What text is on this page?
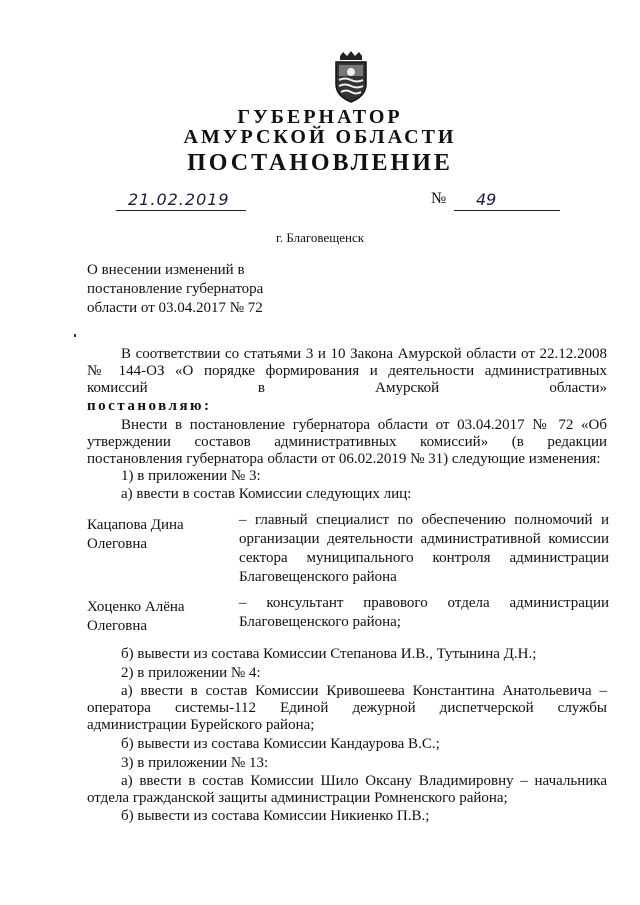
ГУБЕРНАТОР
АМУРСКОЙ ОБЛАСТИ
ПОСТАНОВЛЕНИЕ
21.02.2019	№ 49
г. Благовещенск
О внесении изменений в постановление губернатора области от 03.04.2017 № 72
В соответствии со статьями 3 и 10 Закона Амурской области от 22.12.2008 № 144-ОЗ «О порядке формирования и деятельности административных комиссий в Амурской области»
постановляю:
Внести в постановление губернатора области от 03.04.2017 № 72 «Об утверждении составов административных комиссий» (в редакции постановления губернатора области от 06.02.2019 № 31) следующие изменения:
1) в приложении № 3:
а) ввести в состав Комиссии следующих лиц:
Кацапова Дина Олеговна
– главный специалист по обеспечению полномочий и организации деятельности административной комиссии сектора муниципального контроля администрации Благовещенского района
Хоценко Алёна Олеговна
– консультант правового отдела администрации Благовещенского района;
б) вывести из состава Комиссии Степанова И.В., Тутынина Д.Н.;
2) в приложении № 4:
а) ввести в состав Комиссии Кривошеева Константина Анатольевича – оператора системы-112 Единой дежурной диспетчерской службы администрации Бурейского района;
б) вывести из состава Комиссии Кандаурова В.С.;
3) в приложении № 13:
а) ввести в состав Комиссии Шило Оксану Владимировну – начальника отдела гражданской защиты администрации Ромненского района;
б) вывести из состава Комиссии Никиенко П.В.;
